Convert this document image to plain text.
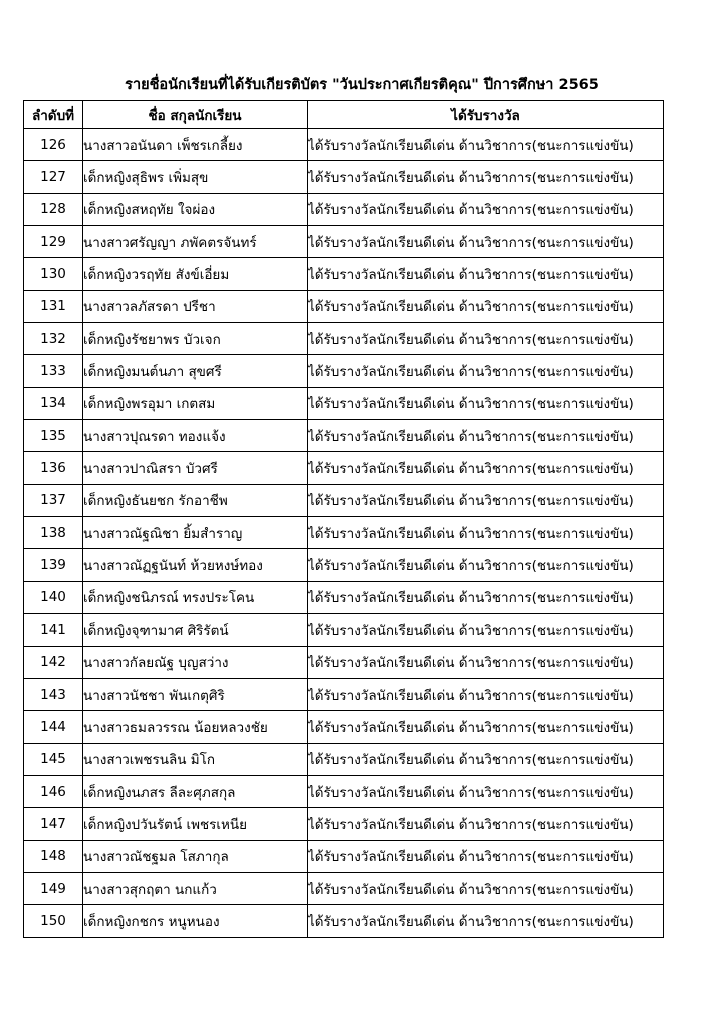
รายชื่อนักเรียนที่ได้รับเกียรติบัตร "วันประกาศเกียรติคุณ" ปีการศึกษา 2565
ลำดับที่	ชื่อ สกุลนักเรียน	ได้รับรางวัล
126	นางสาวอนันดา เพ็ชรเกลี้ยง	ได้รับรางวัลนักเรียนดีเด่น ด้านวิชาการ(ชนะการแข่งขัน)
127	เด็กหญิงสุธิพร เพิ่มสุข	ได้รับรางวัลนักเรียนดีเด่น ด้านวิชาการ(ชนะการแข่งขัน)
128	เด็กหญิงสหฤทัย ใจผ่อง	ได้รับรางวัลนักเรียนดีเด่น ด้านวิชาการ(ชนะการแข่งขัน)
129	นางสาวศรัญญา ภพัคตรจันทร์	ได้รับรางวัลนักเรียนดีเด่น ด้านวิชาการ(ชนะการแข่งขัน)
130	เด็กหญิงวรฤทัย สังข์เอี่ยม	ได้รับรางวัลนักเรียนดีเด่น ด้านวิชาการ(ชนะการแข่งขัน)
131	นางสาวลภัสรดา ปรีชา	ได้รับรางวัลนักเรียนดีเด่น ด้านวิชาการ(ชนะการแข่งขัน)
132	เด็กหญิงรัชยาพร บัวเจก	ได้รับรางวัลนักเรียนดีเด่น ด้านวิชาการ(ชนะการแข่งขัน)
133	เด็กหญิงมนต์นภา สุขศรี	ได้รับรางวัลนักเรียนดีเด่น ด้านวิชาการ(ชนะการแข่งขัน)
134	เด็กหญิงพรอุมา เกตสม	ได้รับรางวัลนักเรียนดีเด่น ด้านวิชาการ(ชนะการแข่งขัน)
135	นางสาวปุณรดา ทองแจ้ง	ได้รับรางวัลนักเรียนดีเด่น ด้านวิชาการ(ชนะการแข่งขัน)
136	นางสาวปาณิสรา บัวศรี	ได้รับรางวัลนักเรียนดีเด่น ด้านวิชาการ(ชนะการแข่งขัน)
137	เด็กหญิงธันยชก รักอาชีพ	ได้รับรางวัลนักเรียนดีเด่น ด้านวิชาการ(ชนะการแข่งขัน)
138	นางสาวณัฐณิชา ยิ้มสำราญ	ได้รับรางวัลนักเรียนดีเด่น ด้านวิชาการ(ชนะการแข่งขัน)
139	นางสาวณัฏฐนันท์ ห้วยหงษ์ทอง	ได้รับรางวัลนักเรียนดีเด่น ด้านวิชาการ(ชนะการแข่งขัน)
140	เด็กหญิงชนิภรณ์ ทรงประโคน	ได้รับรางวัลนักเรียนดีเด่น ด้านวิชาการ(ชนะการแข่งขัน)
141	เด็กหญิงจุฑามาศ ศิริรัตน์	ได้รับรางวัลนักเรียนดีเด่น ด้านวิชาการ(ชนะการแข่งขัน)
142	นางสาวกัลยณัฐ บุญสว่าง	ได้รับรางวัลนักเรียนดีเด่น ด้านวิชาการ(ชนะการแข่งขัน)
143	นางสาวนัชชา พันเกตุศิริ	ได้รับรางวัลนักเรียนดีเด่น ด้านวิชาการ(ชนะการแข่งขัน)
144	นางสาวธมลวรรณ น้อยหลวงชัย	ได้รับรางวัลนักเรียนดีเด่น ด้านวิชาการ(ชนะการแข่งขัน)
145	นางสาวเพชรนลิน มิโก	ได้รับรางวัลนักเรียนดีเด่น ด้านวิชาการ(ชนะการแข่งขัน)
146	เด็กหญิงนภสร ลีละศุภสกุล	ได้รับรางวัลนักเรียนดีเด่น ด้านวิชาการ(ชนะการแข่งขัน)
147	เด็กหญิงปวันรัตน์ เพชรเหนีย	ได้รับรางวัลนักเรียนดีเด่น ด้านวิชาการ(ชนะการแข่งขัน)
148	นางสาวณัชฐมล โสภากุล	ได้รับรางวัลนักเรียนดีเด่น ด้านวิชาการ(ชนะการแข่งขัน)
149	นางสาวสุกฤตา นกแก้ว	ได้รับรางวัลนักเรียนดีเด่น ด้านวิชาการ(ชนะการแข่งขัน)
150	เด็กหญิงกชกร หนูหนอง	ได้รับรางวัลนักเรียนดีเด่น ด้านวิชาการ(ชนะการแข่งขัน)
